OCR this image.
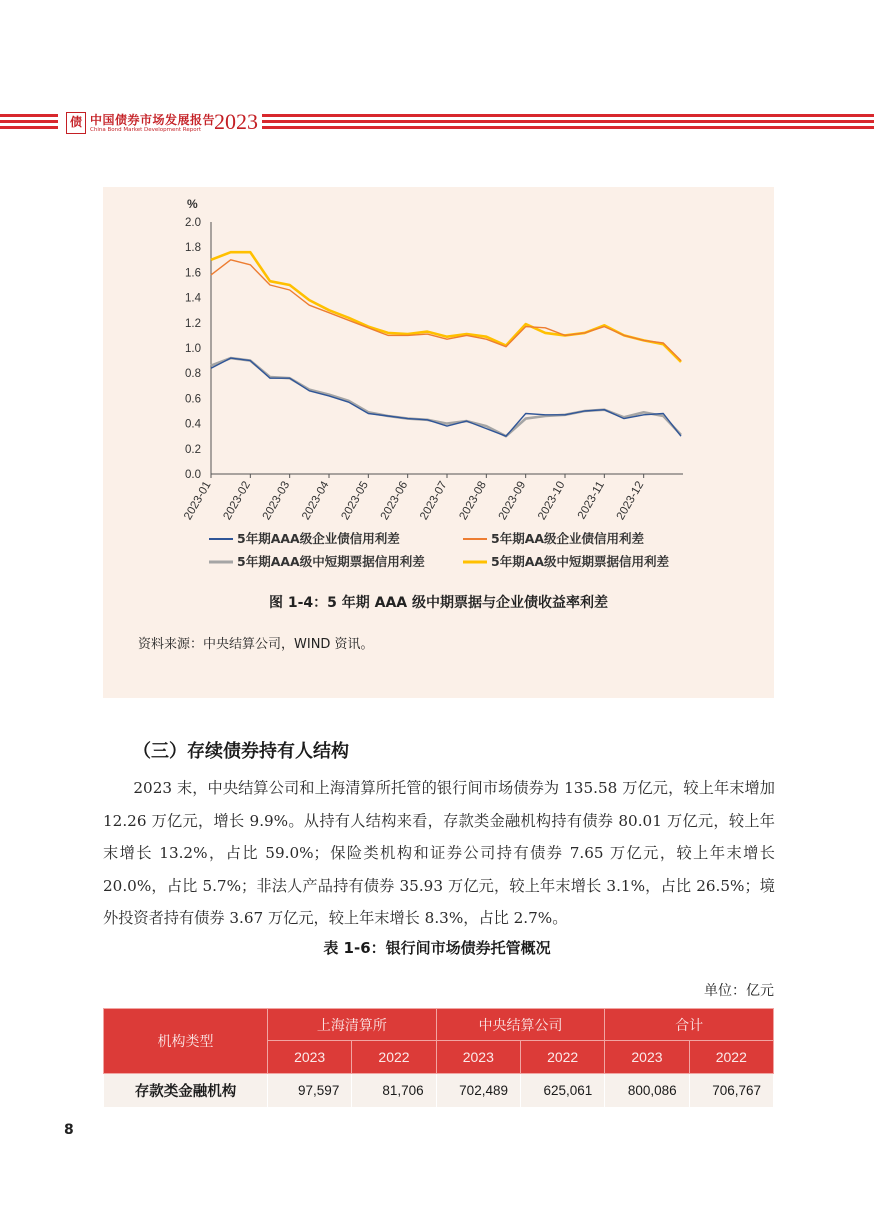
债 中国债券市场发展报告
China Bond Market Development Report 2023
%
0.0
0.2
0.4
0.6
0.8
1.0
1.2
1.4
1.6
1.8
2.0
2023-01 2023-02 2023-03 2023-04 2023-05 2023-06 2023-07 2023-08 2023-09 2023-10 2023-11 2023-12
5年期AAA级企业债信用利差	5年期AA级企业债信用利差
5年期AAA级中短期票据信用利差	5年期AA级中短期票据信用利差
图 1-4：5 年期 AAA 级中期票据与企业债收益率利差
资料来源：中央结算公司，WIND 资讯。
（三）存续债券持有人结构
2023 末，中央结算公司和上海清算所托管的银行间市场债券为 135.58 万亿元，较上年末增加 12.26 万亿元，增长 9.9%。从持有人结构来看，存款类金融机构持有债券 80.01 万亿元，较上年末增长 13.2%，占比 59.0%；保险类机构和证券公司持有债券 7.65 万亿元，较上年末增长 20.0%，占比 5.7%；非法人产品持有债券 35.93 万亿元，较上年末增长 3.1%，占比 26.5%；境外投资者持有债券 3.67 万亿元，较上年末增长 8.3%，占比 2.7%。
表 1-6：银行间市场债券托管概况
单位：亿元
机构类型	上海清算所		中央结算公司		合计	
	2023	2022	2023	2022	2023	2022
存款类金融机构	97,597	81,706	702,489	625,061	800,086	706,767
8
